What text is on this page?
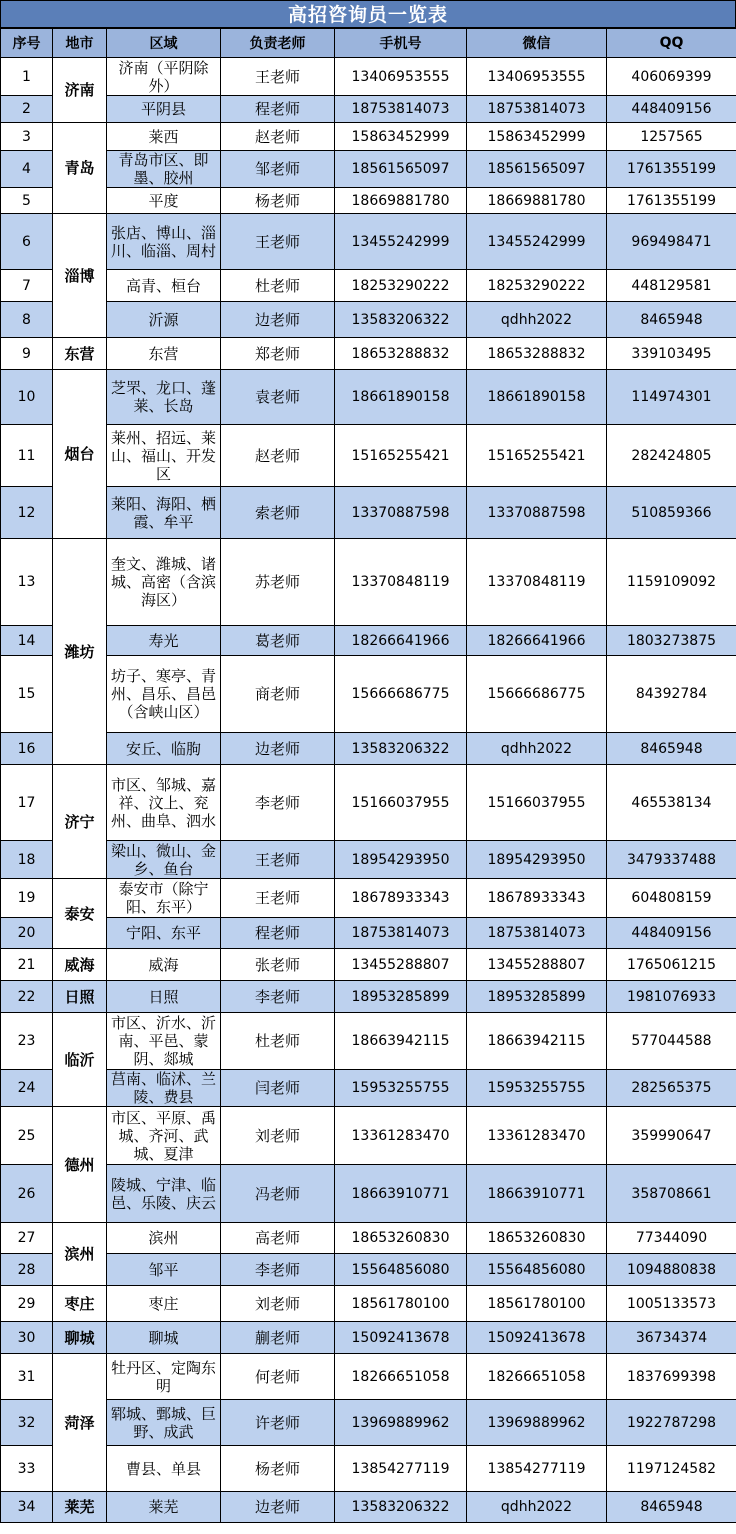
高招咨询员一览表
序号	地市	区域	负责老师	手机号	微信	QQ
1	济南	济南（平阴除外）	王老师	13406953555	13406953555	406069399
2		平阴县	程老师	18753814073	18753814073	448409156
3	青岛	莱西	赵老师	15863452999	15863452999	1257565
4		青岛市区、即墨、胶州	邹老师	18561565097	18561565097	1761355199
5		平度	杨老师	18669881780	18669881780	1761355199
6	淄博	张店、博山、淄川、临淄、周村	王老师	13455242999	13455242999	969498471
7		高青、桓台	杜老师	18253290222	18253290222	448129581
8		沂源	边老师	13583206322	qdhh2022	8465948
9	东营	东营	郑老师	18653288832	18653288832	339103495
10	烟台	芝罘、龙口、蓬莱、长岛	袁老师	18661890158	18661890158	114974301
11		莱州、招远、莱山、福山、开发区	赵老师	15165255421	15165255421	282424805
12		莱阳、海阳、栖霞、牟平	索老师	13370887598	13370887598	510859366
13	潍坊	奎文、潍城、诸城、高密（含滨海区）	苏老师	13370848119	13370848119	1159109092
14		寿光	葛老师	18266641966	18266641966	1803273875
15		坊子、寒亭、青州、昌乐、昌邑（含峡山区）	商老师	15666686775	15666686775	84392784
16		安丘、临朐	边老师	13583206322	qdhh2022	8465948
17	济宁	市区、邹城、嘉祥、汶上、兖州、曲阜、泗水	李老师	15166037955	15166037955	465538134
18		梁山、微山、金乡、鱼台	王老师	18954293950	18954293950	3479337488
19	泰安	泰安市（除宁阳、东平）	王老师	18678933343	18678933343	604808159
20		宁阳、东平	程老师	18753814073	18753814073	448409156
21	威海	威海	张老师	13455288807	13455288807	1765061215
22	日照	日照	李老师	18953285899	18953285899	1981076933
23	临沂	市区、沂水、沂南、平邑、蒙阴、郯城	杜老师	18663942115	18663942115	577044588
24		莒南、临沭、兰陵、费县	闫老师	15953255755	15953255755	282565375
25	德州	市区、平原、禹城、齐河、武城、夏津	刘老师	13361283470	13361283470	359990647
26		陵城、宁津、临邑、乐陵、庆云	冯老师	18663910771	18663910771	358708661
27	滨州	滨州	高老师	18653260830	18653260830	77344090
28		邹平	李老师	15564856080	15564856080	1094880838
29	枣庄	枣庄	刘老师	18561780100	18561780100	1005133573
30	聊城	聊城	蒯老师	15092413678	15092413678	36734374
31	菏泽	牡丹区、定陶东明	何老师	18266651058	18266651058	1837699398
32		郓城、鄄城、巨野、成武	许老师	13969889962	13969889962	1922787298
33		曹县、单县	杨老师	13854277119	13854277119	1197124582
34	莱芜	莱芜	边老师	13583206322	qdhh2022	8465948
